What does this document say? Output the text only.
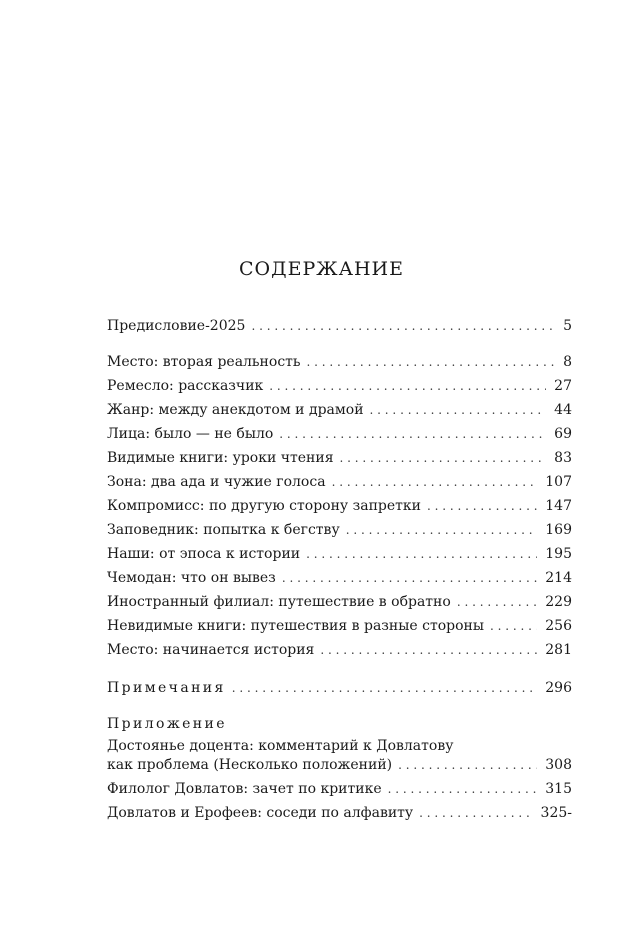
СОДЕРЖАНИЕ
Предисловие-2025 . . .	5
Место: вторая реальность . . .	8
Ремесло: рассказчик . . .	27
Жанр: между анекдотом и драмой . . .	44
Лица: было — не было . . .	69
Видимые книги: уроки чтения . . .	83
Зона: два ада и чужие голоса . . .	107
Компромисс: по другую сторону запретки . . .	147
Заповедник: попытка к бегству . . .	169
Наши: от эпоса к истории . . .	195
Чемодан: что он вывез . . .	214
Иностранный филиал: путешествие в обратно . . .	229
Невидимые книги: путешествия в разные стороны . . .	256
Место: начинается история . . .	281
Примечания . . .	296
Приложение
Достоянье доцента: комментарий к Довлатову
как проблема (Несколько положений) . . .	308
Филолог Довлатов: зачет по критике . . .	315
Довлатов и Ерофеев: соседи по алфавиту . . .	325-
